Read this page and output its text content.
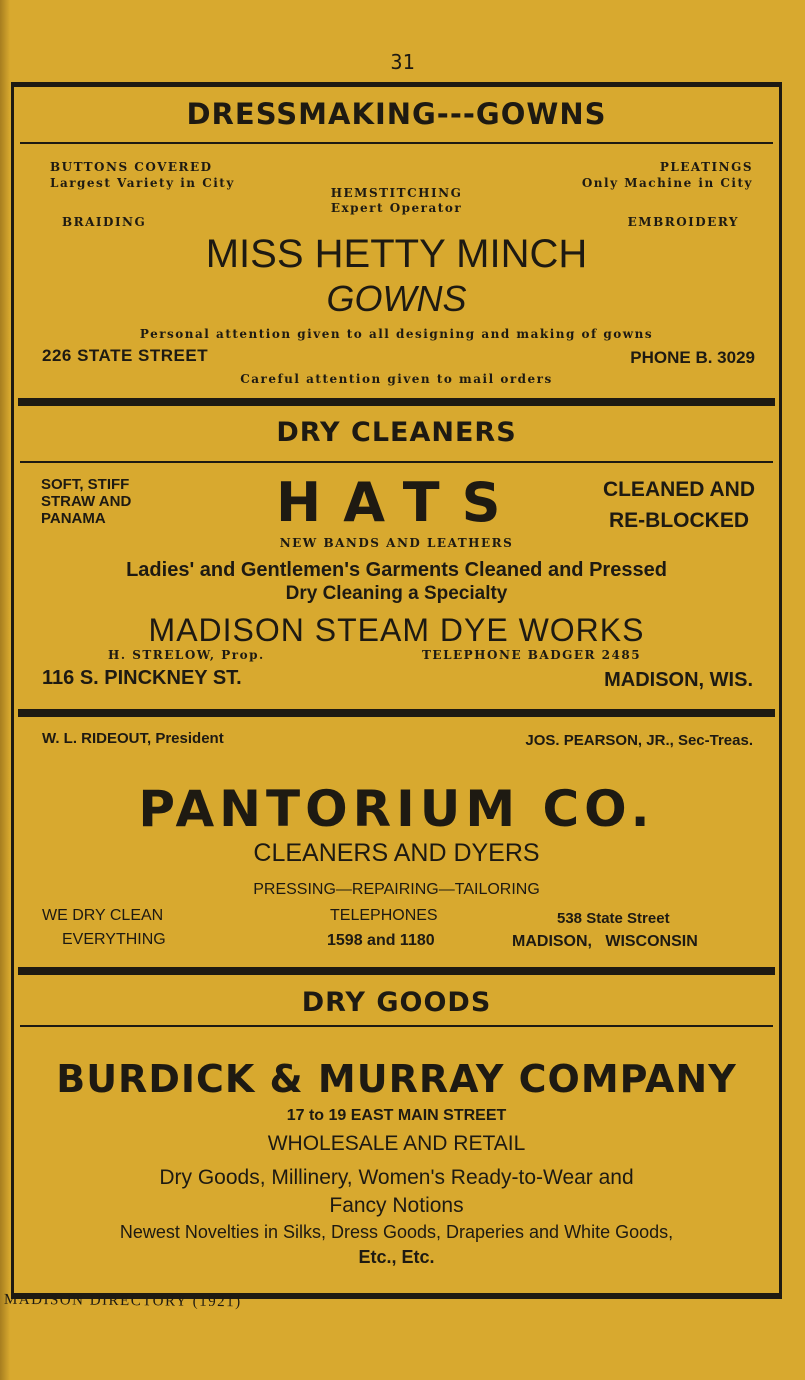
31
DRESSMAKING---GOWNS
BUTTONS COVERED
Largest Variety in City
PLEATINGS
Only Machine in City
HEMSTITCHING
Expert Operator
BRAIDING	EMBROIDERY
MISS HETTY MINCH
GOWNS
Personal attention given to all designing and making of gowns
226 STATE STREET	PHONE B. 3029
Careful attention given to mail orders
DRY CLEANERS
SOFT, STIFF
STRAW AND
PANAMA	HATS	CLEANED AND
RE-BLOCKED
NEW BANDS AND LEATHERS
Ladies' and Gentlemen's Garments Cleaned and Pressed
Dry Cleaning a Specialty
MADISON STEAM DYE WORKS
H. STRELOW, Prop.	TELEPHONE BADGER 2485
116 S. PINCKNEY ST.	MADISON, WIS.
W. L. RIDEOUT, President	JOS. PEARSON, JR., Sec-Treas.
PANTORIUM CO.
CLEANERS AND DYERS
PRESSING—REPAIRING—TAILORING
WE DRY CLEAN
EVERYTHING
TELEPHONES
1598 and 1180
538 State Street
MADISON,   WISCONSIN
DRY GOODS
BURDICK & MURRAY COMPANY
17 to 19 EAST MAIN STREET
WHOLESALE AND RETAIL
Dry Goods, Millinery, Women's Ready-to-Wear and
Fancy Notions
Newest Novelties in Silks, Dress Goods, Draperies and White Goods,
Etc., Etc.
MADISON DIRECTORY (1921)
